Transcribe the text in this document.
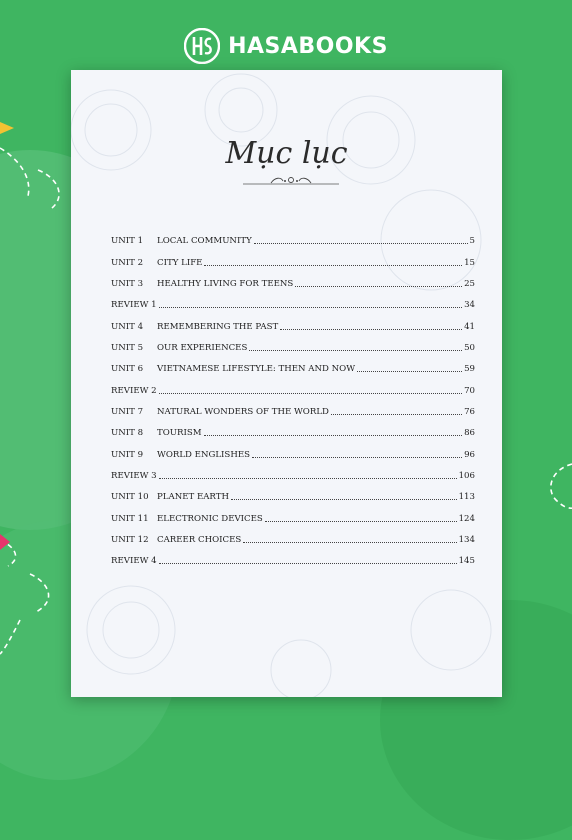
HASABOOKS
Mục lục
UNIT 1	LOCAL COMMUNITY	5
UNIT 2	CITY LIFE	15
UNIT 3	HEALTHY LIVING FOR TEENS	25
REVIEW 1	34
UNIT 4	REMEMBERING THE PAST	41
UNIT 5	OUR EXPERIENCES	50
UNIT 6	VIETNAMESE LIFESTYLE: THEN AND NOW	59
REVIEW 2	70
UNIT 7	NATURAL WONDERS OF THE WORLD	76
UNIT 8	TOURISM	86
UNIT 9	WORLD ENGLISHES	96
REVIEW 3	106
UNIT 10 PLANET EARTH	113
UNIT 11 ELECTRONIC DEVICES	124
UNIT 12 CAREER CHOICES	134
REVIEW 4	145
